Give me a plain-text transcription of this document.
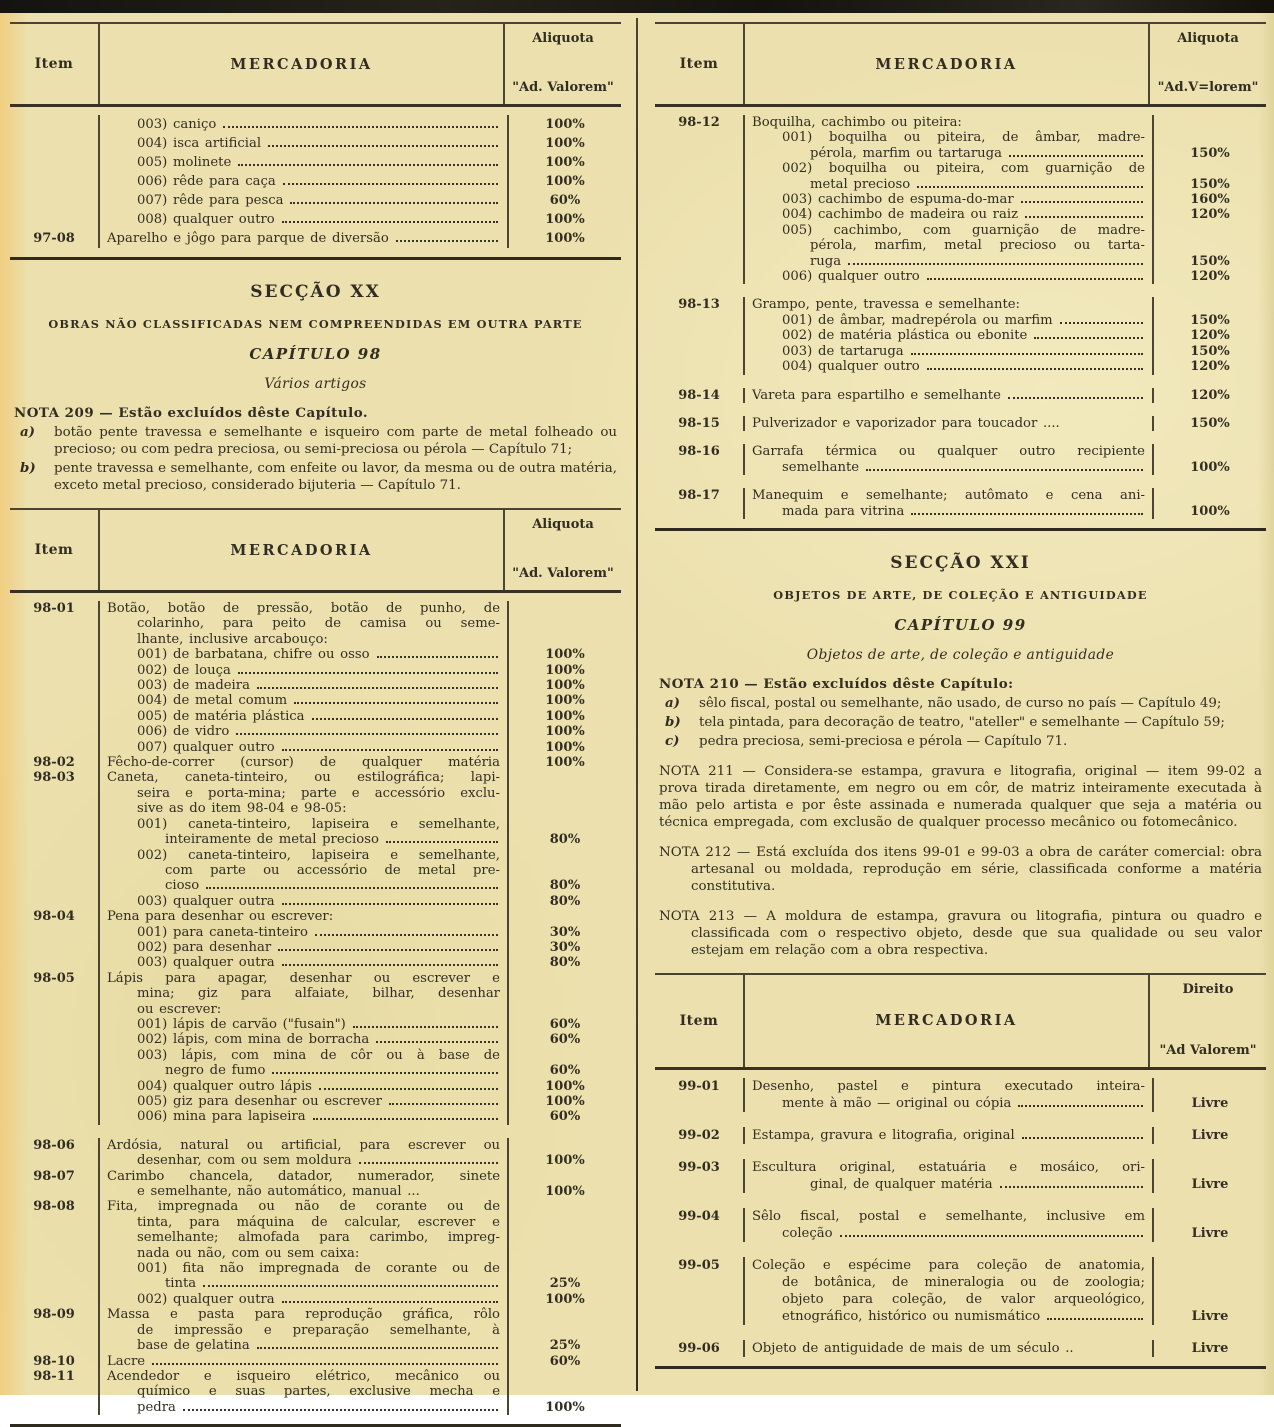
Item	MERCADORIA
Aliquota
"Ad. Valorem"
003) caniço	100%
004) isca artificial	100%
005) molinete	100%
006) rêde para caça	100%
007) rêde para pesca	60%
008) qualquer outro	100%
97-08	Aparelho e jôgo para parque de diversão	100%
SECÇÃO XX
OBRAS NÃO CLASSIFICADAS NEM COMPREENDIDAS EM OUTRA PARTE
CAPÍTULO 98
Vários artigos
NOTA 209 — Estão excluídos dêste Capítulo.
a)	botão pente travessa e semelhante e isqueiro com parte de metal folheado ou precioso; ou com pedra preciosa, ou semi-preciosa ou pérola — Capítulo 71;
b)	pente travessa e semelhante, com enfeite ou lavor, da mesma ou de outra matéria, exceto metal precioso, considerado bijuteria — Capítulo 71.
Item	MERCADORIA
Aliquota
"Ad. Valorem"
98-01	Botão, botão de pressão, botão de punho, de
colarinho, para peito de camisa ou seme-
lhante, inclusive arcabouço:
001) de barbatana, chifre ou osso	100%
002) de louça	100%
003) de madeira	100%
004) de metal comum	100%
005) de matéria plástica	100%
006) de vidro	100%
007) qualquer outro	100%
98-02	Fêcho-de-correr (cursor) de qualquer matéria	100%
98-03	Caneta, caneta-tinteiro, ou estilográfica; lapi-
seira e porta-mina; parte e accessório exclu-
sive as do item 98-04 e 98-05:
001) caneta-tinteiro, lapiseira e semelhante,
inteiramente de metal precioso	80%
002) caneta-tinteiro, lapiseira e semelhante,
com parte ou accessório de metal pre-
cioso	80%
003) qualquer outra	80%
98-04	Pena para desenhar ou escrever:
001) para caneta-tinteiro	30%
002) para desenhar	30%
003) qualquer outra	80%
98-05	Lápis para apagar, desenhar ou escrever e
mina; giz para alfaiate, bilhar, desenhar
ou escrever:
001) lápis de carvão ("fusain")	60%
002) lápis, com mina de borracha	60%
003) lápis, com mina de côr ou à base de
negro de fumo	60%
004) qualquer outro lápis	100%
005) giz para desenhar ou escrever	100%
006) mina para lapiseira	60%
98-06	Ardósia, natural ou artificial, para escrever ou
desenhar, com ou sem moldura	100%
98-07	Carimbo chancela, datador, numerador, sinete
e semelhante, não automático, manual ...	100%
98-08	Fita, impregnada ou não de corante ou de
tinta, para máquina de calcular, escrever e
semelhante; almofada para carimbo, impreg-
nada ou não, com ou sem caixa:
001) fita não impregnada de corante ou de
tinta	25%
002) qualquer outra	100%
98-09	Massa e pasta para reprodução gráfica, rôlo
de impressão e preparação semelhante, à
base de gelatina	25%
98-10	Lacre	60%
98-11	Acendedor e isqueiro elétrico, mecânico ou
químico e suas partes, exclusive mecha e
pedra	100%
Item	MERCADORIA
Aliquota
"Ad.V=lorem"
98-12	Boquilha, cachimbo ou piteira:
001) boquilha ou piteira, de âmbar, madre-
pérola, marfim ou tartaruga	150%
002) boquilha ou piteira, com guarnição de
metal precioso	150%
003) cachimbo de espuma-do-mar	160%
004) cachimbo de madeira ou raiz	120%
005) cachimbo, com guarnição de madre-
pérola, marfim, metal precioso ou tarta-
ruga	150%
006) qualquer outro	120%
98-13	Grampo, pente, travessa e semelhante:
001) de âmbar, madrepérola ou marfim	150%
002) de matéria plástica ou ebonite	120%
003) de tartaruga	150%
004) qualquer outro	120%
98-14	Vareta para espartilho e semelhante	120%
98-15	Pulverizador e vaporizador para toucador ....	150%
98-16	Garrafa térmica ou qualquer outro recipiente
semelhante	100%
98-17	Manequim e semelhante; autômato e cena ani-
mada para vitrina	100%
SECÇÃO XXI
OBJETOS DE ARTE, DE COLEÇÃO E ANTIGUIDADE
CAPÍTULO 99
Objetos de arte, de coleção e antiguidade
NOTA 210 — Estão excluídos dêste Capítulo:
a)	sêlo fiscal, postal ou semelhante, não usado, de curso no país — Capítulo 49;
b)	tela pintada, para decoração de teatro, "ateller" e semelhante — Capítulo 59;
c)	pedra preciosa, semi-preciosa e pérola — Capítulo 71.
NOTA 211 — Considera-se estampa, gravura e litografia, original — item 99-02 a prova tirada diretamente, em negro ou em côr, de matriz inteiramente executada à mão pelo artista e por êste assinada e numerada qualquer que seja a matéria ou técnica empregada, com exclusão de qualquer processo mecânico ou fotomecânico.
NOTA 212 — Está excluída dos itens 99-01 e 99-03 a obra de caráter comercial: obra artesanal ou moldada, reprodução em série, classificada conforme a matéria constitutiva.
NOTA 213 — A moldura de estampa, gravura ou litografia, pintura ou quadro e classificada com o respectivo objeto, desde que sua qualidade ou seu valor estejam em relação com a obra respectiva.
Item	MERCADORIA
Direito
"Ad Valorem"
99-01	Desenho, pastel e pintura executado inteira-
mente à mão — original ou cópia	Livre
99-02	Estampa, gravura e litografia, original	Livre
99-03	Escultura original, estatuária e mosáico, ori-
ginal, de qualquer matéria	Livre
99-04	Sêlo fiscal, postal e semelhante, inclusive em
coleção	Livre
99-05	Coleção e espécime para coleção de anatomia,
de botânica, de mineralogia ou de zoologia;
objeto para coleção, de valor arqueológico,
etnográfico, histórico ou numismático	Livre
99-06	Objeto de antiguidade de mais de um século ..	Livre
